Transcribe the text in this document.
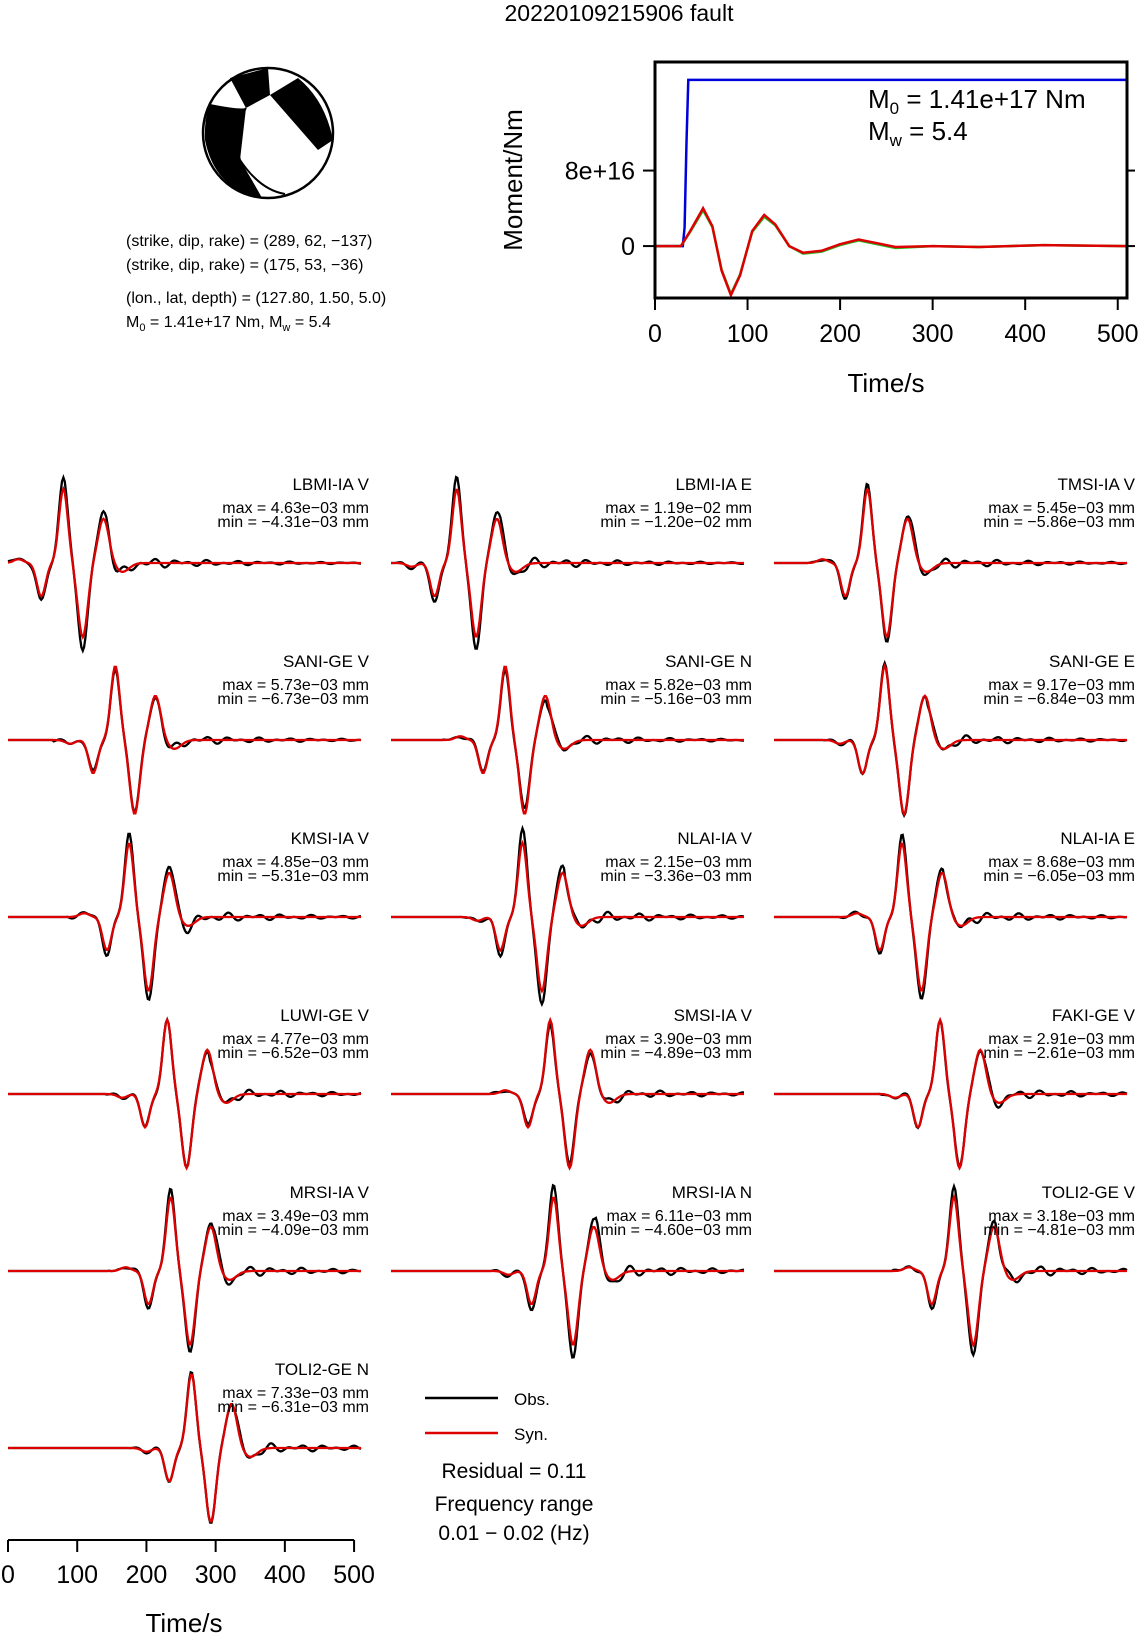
20220109215906 fault
(strike, dip, rake) = (289, 62, −137)
(strike, dip, rake) = (175, 53, −36)
(lon., lat, depth) = (127.80, 1.50, 5.0)
$M_0 = 1.41e+17$ Nm, $M_w = 5.4$	0	100 200 300 400 500
0
8e+16
Time/s
Moment/Nm
$M_0 = 1.41e+17$ Nm
$M_w = 5.4$
LBMI-IA V
max = 4.63e−03 mm
min = −4.31e−03 mm
LBMI-IA E
max = 1.19e−02 mm
min = −1.20e−02 mm
TMSI-IA V
max = 5.45e−03 mm
min = −5.86e−03 mm
SANI-GE V
max = 5.73e−03 mm
min = −6.73e−03 mm
SANI-GE N
max = 5.82e−03 mm
min = −5.16e−03 mm
SANI-GE E
max = 9.17e−03 mm
min = −6.84e−03 mm
KMSI-IA V
max = 4.85e−03 mm
min = −5.31e−03 mm
NLAI-IA V
max = 2.15e−03 mm
min = −3.36e−03 mm
NLAI-IA E
max = 8.68e−03 mm
min = −6.05e−03 mm
LUWI-GE V
max = 4.77e−03 mm
min = −6.52e−03 mm
SMSI-IA V
max = 3.90e−03 mm
min = −4.89e−03 mm
FAKI-GE V
max = 2.91e−03 mm
min = −2.61e−03 mm
MRSI-IA V
max = 3.49e−03 mm
min = −4.09e−03 mm
MRSI-IA N
max = 6.11e−03 mm
min = −4.60e−03 mm
TOLI2-GE V
max = 3.18e−03 mm
min = −4.81e−03 mm
TOLI2-GE N
max = 7.33e−03 mm
min = −6.31e−03 mm
0 100 200 300 400 500
Time/s
Obs.
Syn.
Residual = 0.11
Frequency range
0.01 − 0.02 (Hz)
